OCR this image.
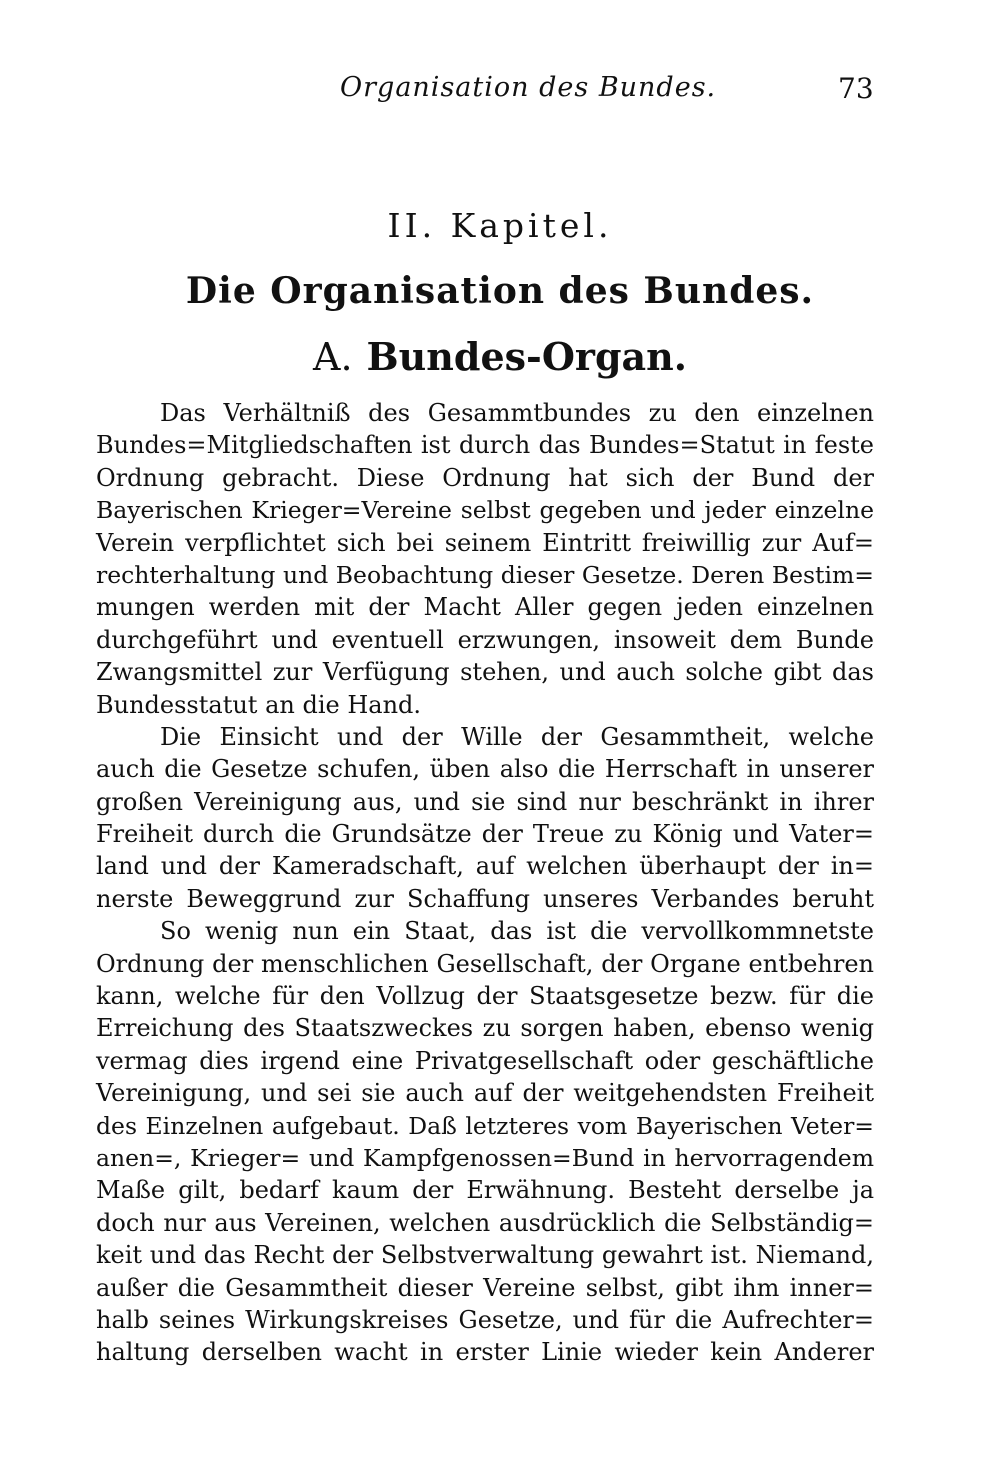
Organisation des Bundes.	73
II. Kapitel.
Die Organisation des Bundes.
A. Bundes-Organ.
Das Verhältniß des Gesammtbundes zu den einzelnen
Bundes=Mitgliedschaften ist durch das Bundes=Statut in feste
Ordnung gebracht. Diese Ordnung hat sich der Bund der
Bayerischen Krieger=Vereine selbst gegeben und jeder einzelne
Verein verpflichtet sich bei seinem Eintritt freiwillig zur Auf=
rechterhaltung und Beobachtung dieser Gesetze. Deren Bestim=
mungen werden mit der Macht Aller gegen jeden einzelnen
durchgeführt und eventuell erzwungen, insoweit dem Bunde
Zwangsmittel zur Verfügung stehen, und auch solche gibt das
Bundesstatut an die Hand.
Die Einsicht und der Wille der Gesammtheit, welche
auch die Gesetze schufen, üben also die Herrschaft in unserer
großen Vereinigung aus, und sie sind nur beschränkt in ihrer
Freiheit durch die Grundsätze der Treue zu König und Vater=
land und der Kameradschaft, auf welchen überhaupt der in=
nerste Beweggrund zur Schaffung unseres Verbandes beruht
So wenig nun ein Staat, das ist die vervollkommnetste
Ordnung der menschlichen Gesellschaft, der Organe entbehren
kann, welche für den Vollzug der Staatsgesetze bezw. für die
Erreichung des Staatszweckes zu sorgen haben, ebenso wenig
vermag dies irgend eine Privatgesellschaft oder geschäftliche
Vereinigung, und sei sie auch auf der weitgehendsten Freiheit
des Einzelnen aufgebaut. Daß letzteres vom Bayerischen Veter=
anen=, Krieger= und Kampfgenossen=Bund in hervorragendem
Maße gilt, bedarf kaum der Erwähnung. Besteht derselbe ja
doch nur aus Vereinen, welchen ausdrücklich die Selbständig=
keit und das Recht der Selbstverwaltung gewahrt ist. Niemand,
außer die Gesammtheit dieser Vereine selbst, gibt ihm inner=
halb seines Wirkungskreises Gesetze, und für die Aufrechter=
haltung derselben wacht in erster Linie wieder kein Anderer
